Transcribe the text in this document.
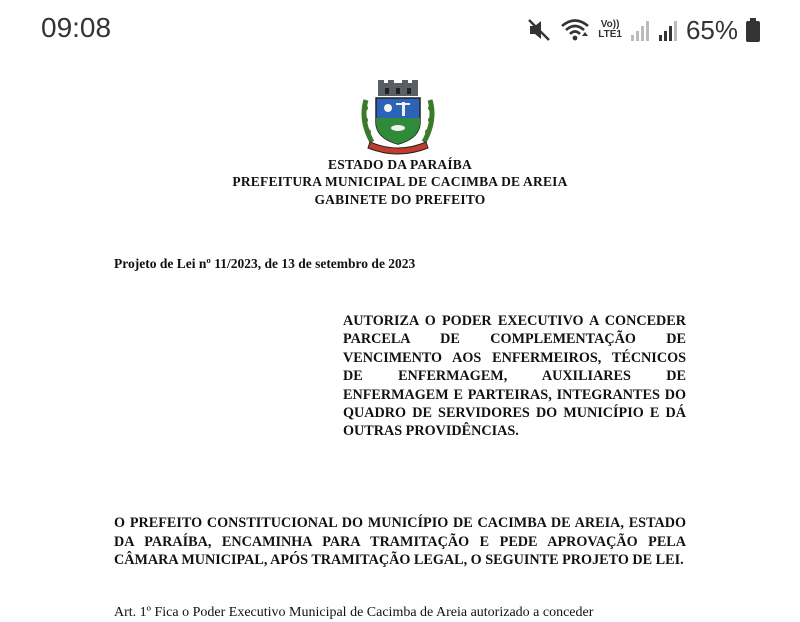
09:08	Vo))
LTE1 65%
ESTADO DA PARAÍBA
PREFEITURA MUNICIPAL DE CACIMBA DE AREIA
GABINETE DO PREFEITO
Projeto de Lei nº 11/2023, de 13 de setembro de 2023
AUTORIZA O PODER EXECUTIVO A CONCEDER PARCELA DE COMPLEMENTAÇÃO DE VENCIMENTO AOS ENFERMEIROS, TÉCNICOS DE ENFERMAGEM, AUXILIARES DE ENFERMAGEM E PARTEIRAS, INTEGRANTES DO QUADRO DE SERVIDORES DO MUNICÍPIO E DÁ OUTRAS PROVIDÊNCIAS.
O PREFEITO CONSTITUCIONAL DO MUNICÍPIO DE CACIMBA DE AREIA, ESTADO DA PARAÍBA, ENCAMINHA PARA TRAMITAÇÃO E PEDE APROVAÇÃO PELA CÂMARA MUNICIPAL, APÓS TRAMITAÇÃO LEGAL, O SEGUINTE PROJETO DE LEI.
Art. 1º Fica o Poder Executivo Municipal de Cacimba de Areia autorizado a conceder
